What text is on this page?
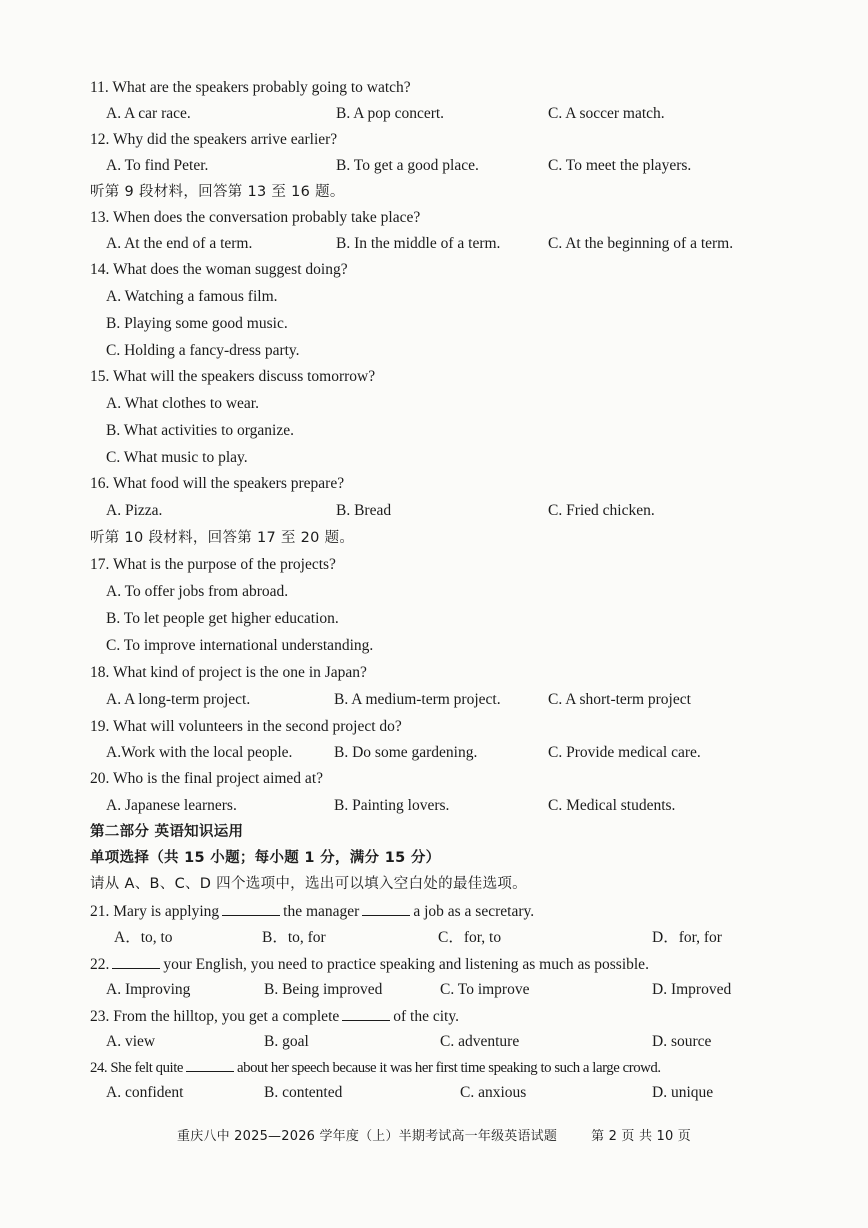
11. What are the speakers probably going to watch?
A. A car race.	B. A pop concert.	C. A soccer match.
12. Why did the speakers arrive earlier?
A. To find Peter.	B. To get a good place.	C. To meet the players.
听第 9 段材料，回答第 13 至 16 题。
13. When does the conversation probably take place?
A. At the end of a term.	B. In the middle of a term.	C. At the beginning of a term.
14. What does the woman suggest doing?
A. Watching a famous film.
B. Playing some good music.
C. Holding a fancy-dress party.
15. What will the speakers discuss tomorrow?
A. What clothes to wear.
B. What activities to organize.
C. What music to play.
16. What food will the speakers prepare?
A. Pizza.	B. Bread	C. Fried chicken.
听第 10 段材料，回答第 17 至 20 题。
17. What is the purpose of the projects?
A. To offer jobs from abroad.
B. To let people get higher education.
C. To improve international understanding.
18. What kind of project is the one in Japan?
A. A long-term project.	B. A medium-term project.	C. A short-term project
19. What will volunteers in the second project do?
A.Work with the local people.	B. Do some gardening.	C. Provide medical care.
20. Who is the final project aimed at?
A. Japanese learners.	B. Painting lovers.	C. Medical students.
第二部分 英语知识运用
单项选择（共 15 小题；每小题 1 分，满分 15 分）
请从 A、B、C、D 四个选项中，选出可以填入空白处的最佳选项。
21. Mary is applying	the manager	a job as a secretary.
A．to, to	B．to, for	C．for, to	D．for, for
22.	your English, you need to practice speaking and listening as much as possible.
A. Improving	B. Being improved	C. To improve	D. Improved
23. From the hilltop, you get a complete	of the city.
A. view	B. goal	C. adventure	D. source
24. She felt quite	about her speech because it was her first time speaking to such a large crowd.
A. confident	B. contented	C. anxious	D. unique
重庆八中 2025—2026 学年度（上）半期考试高一年级英语试题	第 2 页 共 10 页
